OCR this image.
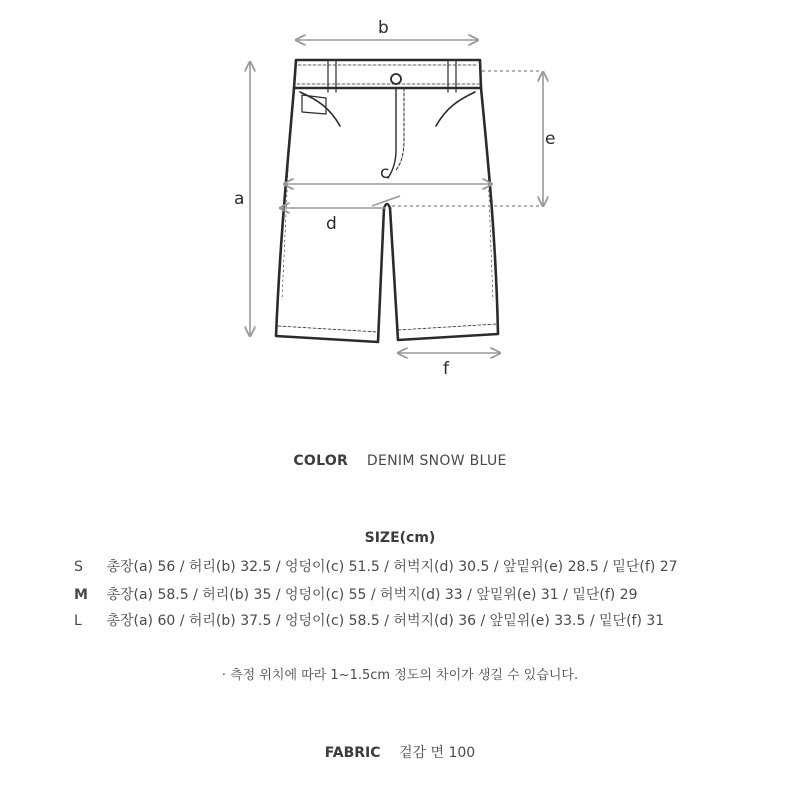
a
b
c
d
e
f
COLOR DENIM SNOW BLUE
SIZE(cm)
S 총장(a) 56 / 허리(b) 32.5 / 엉덩이(c) 51.5 / 허벅지(d) 30.5 / 앞밑위(e) 28.5 / 밑단(f) 27
M 총장(a) 58.5 / 허리(b) 35 / 엉덩이(c) 55 / 허벅지(d) 33 / 앞밑위(e) 31 / 밑단(f) 29
L 총장(a) 60 / 허리(b) 37.5 / 엉덩이(c) 58.5 / 허벅지(d) 36 / 앞밑위(e) 33.5 / 밑단(f) 31
· 측정 위치에 따라 1~1.5cm 정도의 차이가 생길 수 있습니다.
FABRIC 겉감 면 100
